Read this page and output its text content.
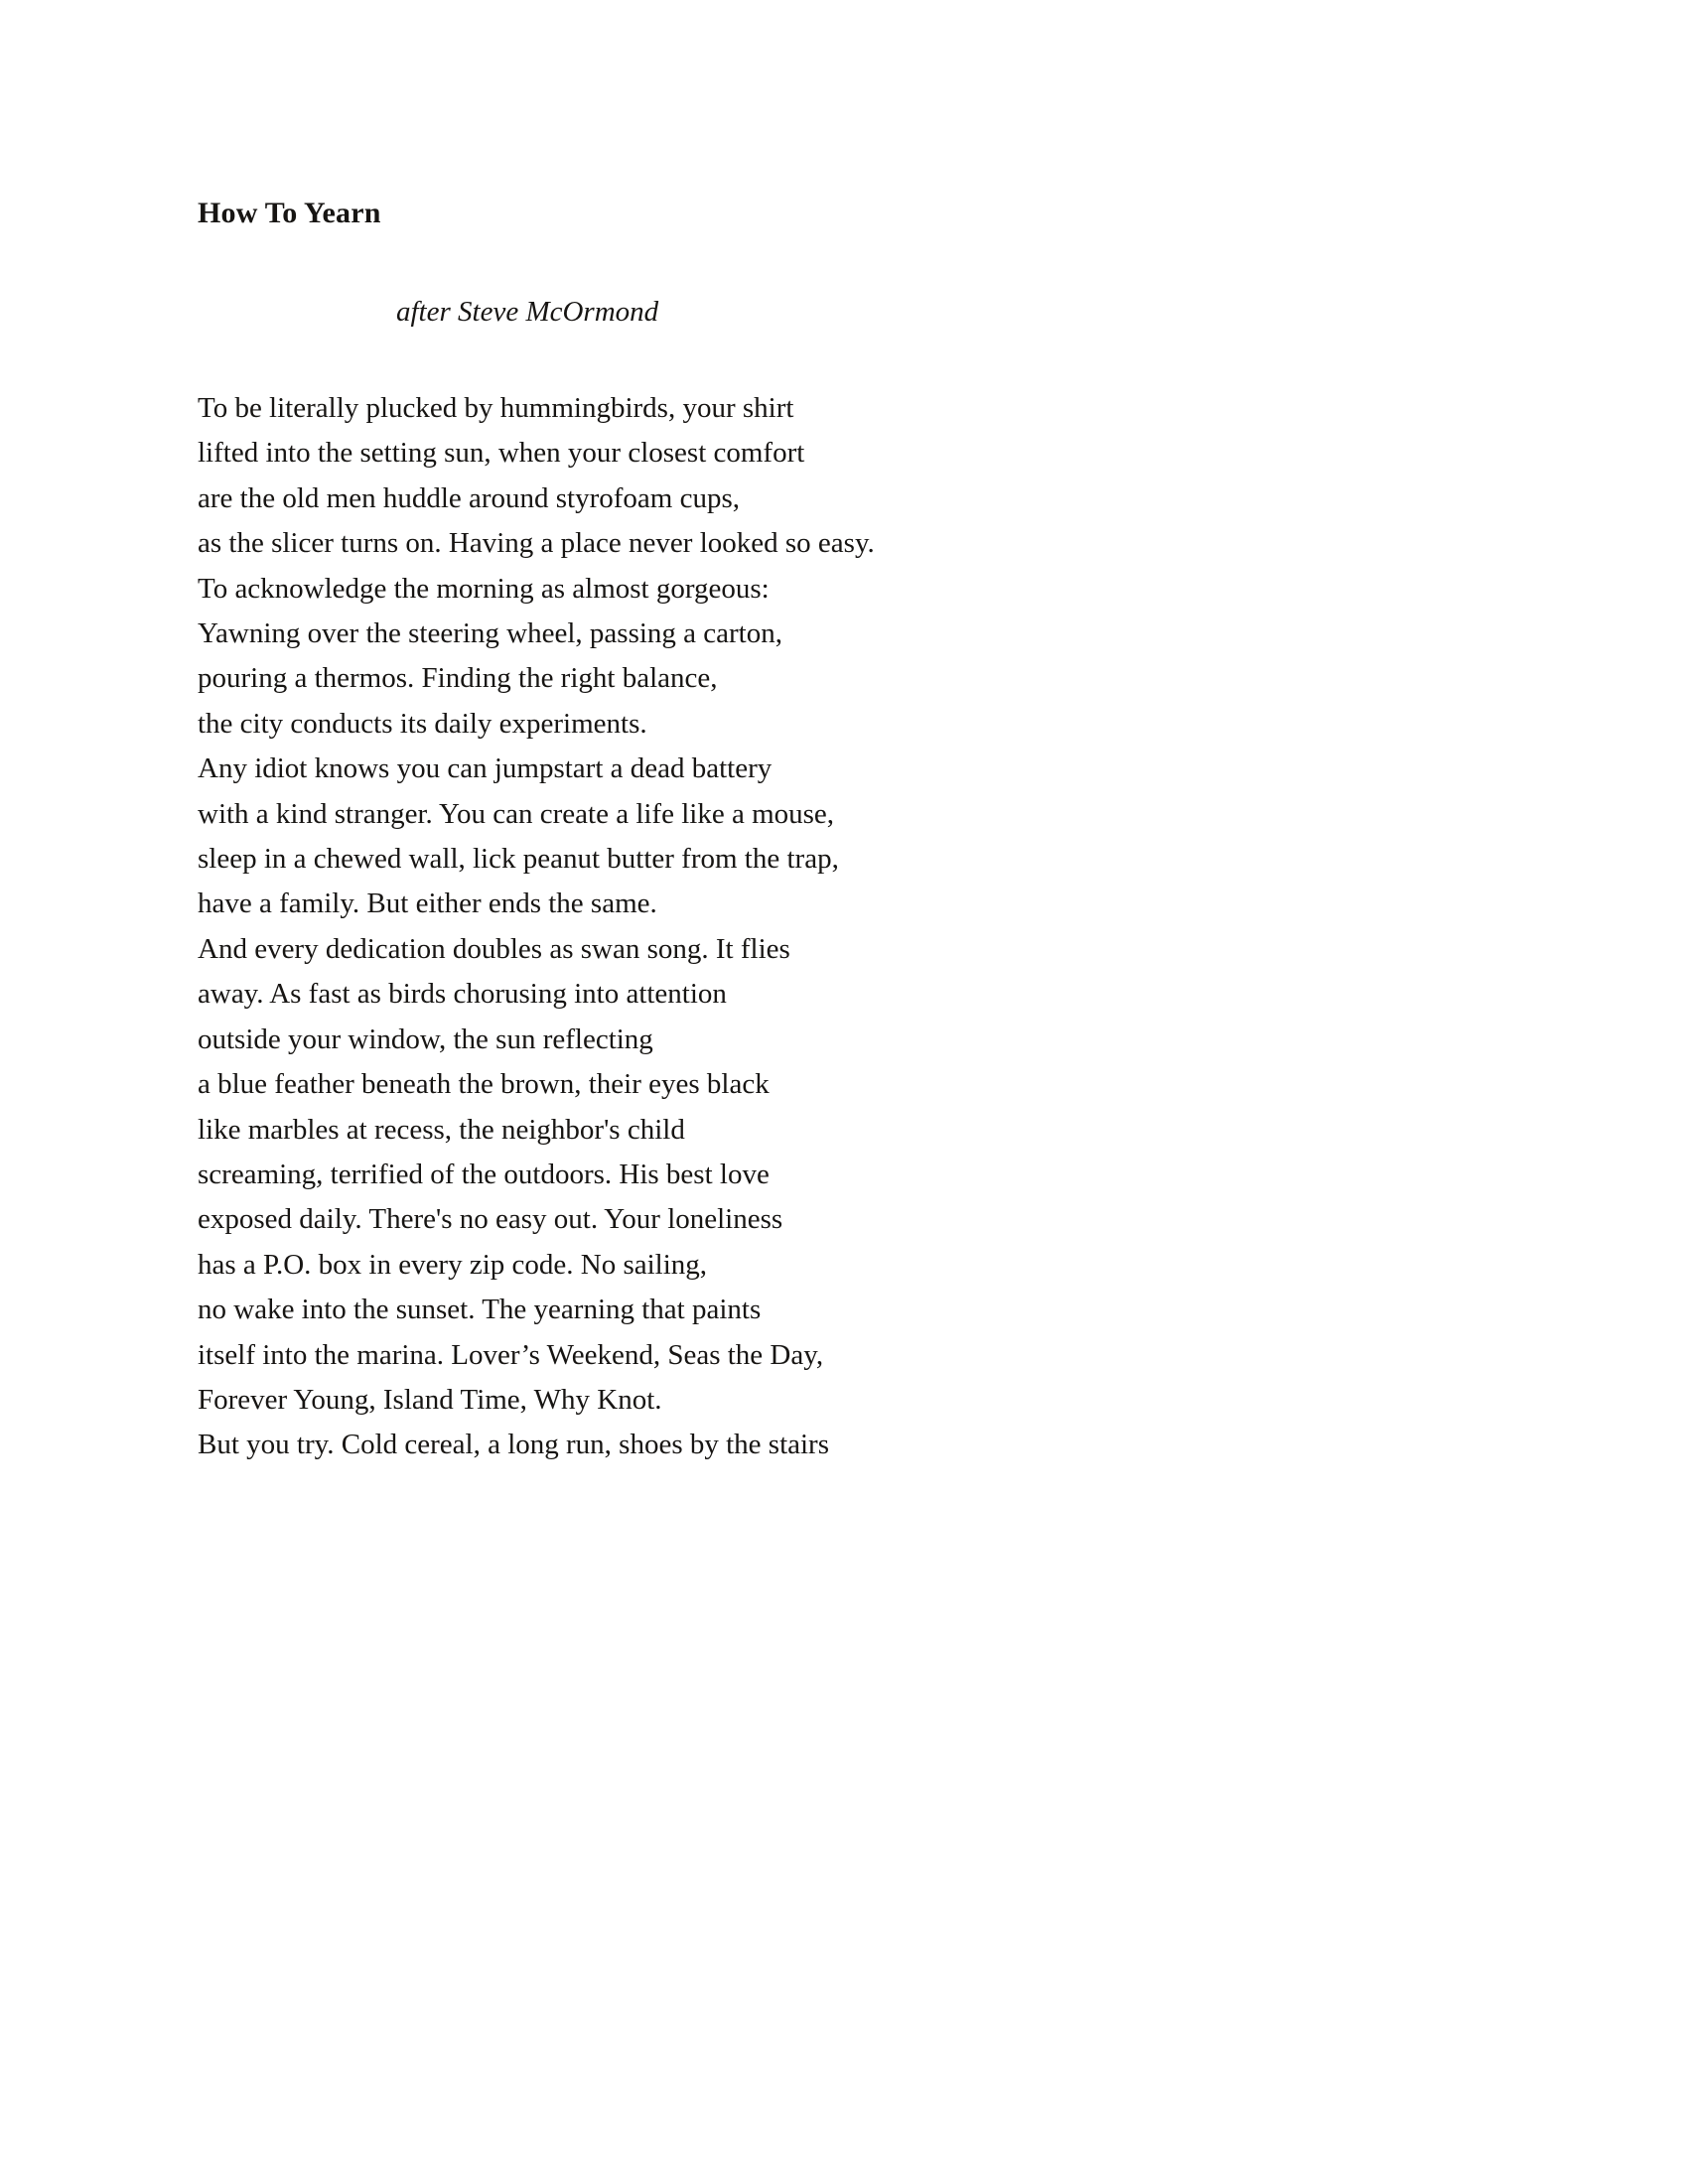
How To Yearn

after Steve McOrmond

To be literally plucked by hummingbirds, your shirt

lifted into the setting sun, when your closest comfort

are the old men huddle around styrofoam cups,

as the slicer turns on. Having a place never looked so easy.

To acknowledge the morning as almost gorgeous:

Yawning over the steering wheel, passing a carton,

pouring a thermos. Finding the right balance,

the city conducts its daily experiments.

Any idiot knows you can jumpstart a dead battery

with a kind stranger. You can create a life like a mouse,

sleep in a chewed wall, lick peanut butter from the trap,

have a family. But either ends the same.

And every dedication doubles as swan song. It flies

away. As fast as birds chorusing into attention

outside your window, the sun reflecting

a blue feather beneath the brown, their eyes black

like marbles at recess, the neighbor's child

screaming, terrified of the outdoors. His best love

exposed daily. There's no easy out. Your loneliness

has a P.O. box in every zip code. No sailing,

no wake into the sunset. The yearning that paints

itself into the marina. Lover’s Weekend, Seas the Day,

Forever Young, Island Time, Why Knot.

But you try. Cold cereal, a long run, shoes by the stairs
